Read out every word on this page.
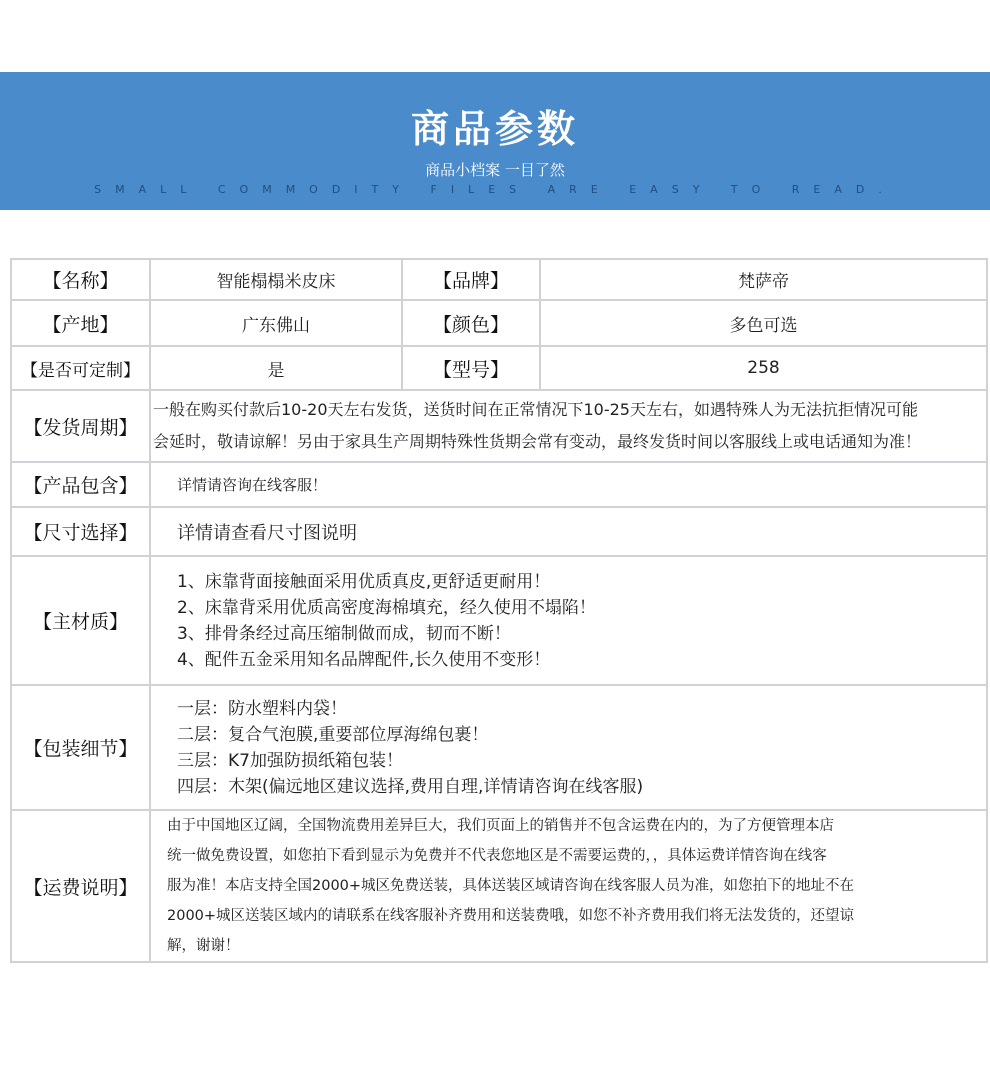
商品参数
商品小档案 一目了然
SMALL COMMODITY FILES ARE EASY TO READ.
【名称】	智能榻榻米皮床	【品牌】	梵萨帝
【产地】	广东佛山	【颜色】	多色可选
【是否可定制】	是	【型号】	258
【发货周期】	一般在购买付款后10-20天左右发货，送货时间在正常情况下10-25天左右，如遇特殊人为无法抗拒情况可能
会延时，敬请谅解！另由于家具生产周期特殊性货期会常有变动，最终发货时间以客服线上或电话通知为准！		

【产品包含】	详情请咨询在线客服！		
【尺寸选择】	详情请查看尺寸图说明		
【主材质】	1、床靠背面接触面采用优质真皮,更舒适更耐用！
2、床靠背采用优质高密度海棉填充，经久使用不塌陷！
3、排骨条经过高压缩制做而成，韧而不断！
4、配件五金采用知名品牌配件,长久使用不变形！		

【包装细节】	一层：防水塑料内袋！
二层：复合气泡膜,重要部位厚海绵包裹！
三层：K7加强防损纸箱包装！
四层：木架(偏远地区建议选择,费用自理,详情请咨询在线客服)		

【运费说明】	由于中国地区辽阔，全国物流费用差异巨大，我们页面上的销售并不包含运费在内的，为了方便管理本店
统一做免费设置，如您拍下看到显示为免费并不代表您地区是不需要运费的，，具体运费详情咨询在线客
服为准！本店支持全国2000+城区免费送装，具体送装区域请咨询在线客服人员为准，如您拍下的地址不在
2000+城区送装区域内的请联系在线客服补齐费用和送装费哦，如您不补齐费用我们将无法发货的，还望谅
解，谢谢！		
